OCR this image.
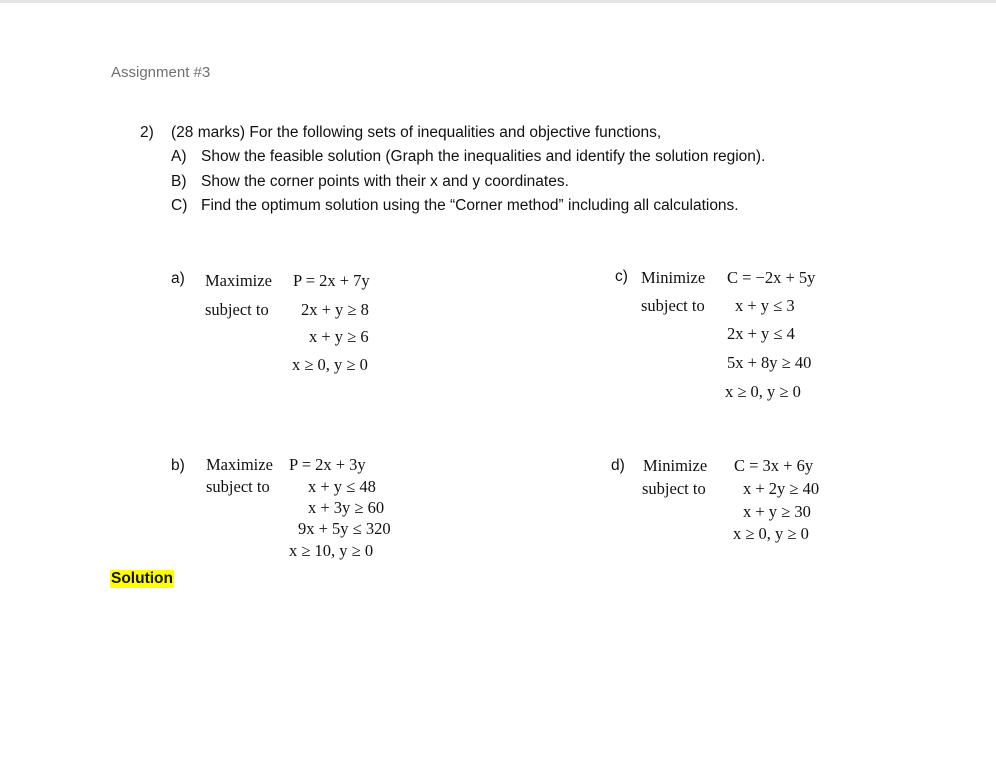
Assignment #3
2) (28 marks) For the following sets of inequalities and objective functions,
A) Show the feasible solution (Graph the inequalities and identify the solution region).
B) Show the corner points with their x and y coordinates.
C) Find the optimum solution using the “Corner method” including all calculations.
a) Maximize P = 2x + 7y
subject to 2x + y ≥ 8
x + y ≥ 6
x ≥ 0, y ≥ 0
c) Minimize C = −2x + 5y
subject to x + y ≤ 3
2x + y ≤ 4
5x + 8y ≥ 40
x ≥ 0, y ≥ 0
b) Maximize P = 2x + 3y
subject to x + y ≤ 48
x + 3y ≥ 60
9x + 5y ≤ 320
x ≥ 10, y ≥ 0
d) Minimize C = 3x + 6y
subject to x + 2y ≥ 40
x + y ≥ 30
x ≥ 0, y ≥ 0
Solution
